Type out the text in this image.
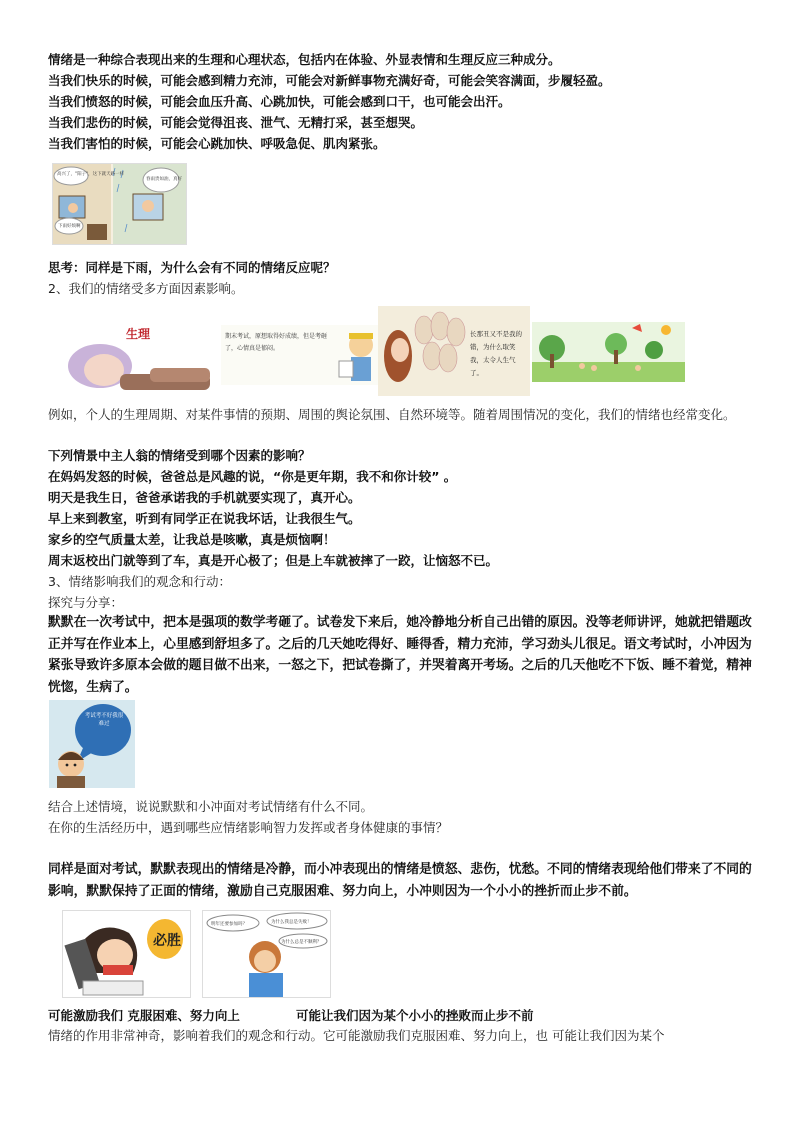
情绪是一种综合表现出来的生理和心理状态，包括内在体验、外显表情和生理反应三种成分。
当我们快乐的时候，可能会感到精力充沛，可能会对新鲜事物充满好奇，可能会笑容满面，步履轻盈。
当我们愤怒的时候，可能会血压升高、心跳加快，可能会感到口干，也可能会出汗。
当我们悲伤的时候，可能会觉得沮丧、泄气、无精打采，甚至想哭。
当我们害怕的时候，可能会心跳加快、呼吸急促、肌肉紧张。
高兴了，"阳子"，这下就天路一样
下雨好烦啊
春雨贵如油，真好
思考：同样是下雨，为什么会有不同的情绪反应呢？
2、我们的情绪受多方面因素影响。
生理	期末考试，原想取得好成绩，但是考砸了，心情真是郁闷。
长那丑又不是我的错，为什么取笑我，太令人生气了。
例如，个人的生理周期、对某件事情的预期、周围的舆论氛围、自然环境等。随着周围情况的变化，我们的情绪也经常变化。
下列情景中主人翁的情绪受到哪个因素的影响？
在妈妈发怒的时候，爸爸总是风趣的说，“你是更年期，我不和你计较” 。
明天是我生日，爸爸承诺我的手机就要实现了，真开心。
早上来到教室，听到有同学正在说我坏话，让我很生气。
家乡的空气质量太差，让我总是咳嗽，真是烦恼啊！
周末返校出门就等到了车，真是开心极了；但是上车就被摔了一跤，让恼怒不已。
3、情绪影响我们的观念和行动：
探究与分享：
默默在一次考试中，把本是强项的数学考砸了。试卷发下来后，她冷静地分析自己出错的原因。没等老师讲评，她就把错题改正并写在作业本上，心里感到舒坦多了。之后的几天她吃得好、睡得香，精力充沛，学习劲头儿很足。语文考试时，小冲因为紧张导致许多原本会做的题目做不出来，一怒之下，把试卷撕了，并哭着离开考场。之后的几天他吃不下饭、睡不着觉，精神恍惚，生病了。
考试考不好我很难过
结合上述情境，说说默默和小冲面对考试情绪有什么不同。
在你的生活经历中，遇到哪些应情绪影响智力发挥或者身体健康的事情？
同样是面对考试，默默表现出的情绪是冷静，而小冲表现出的情绪是愤怒、悲伤，忧愁。不同的情绪表现给他们带来了不同的影响，默默保持了正面的情绪，激励自己克服困难、努力向上，小冲则因为一个小小的挫折而止步不前。
必胜
明年还要参加吗？	为什么我总是失败！
为什么总是不顺利？
可能激励我们 克服困难、努力向上	可能让我们因为某个小小的挫败而止步不前
情绪的作用非常神奇，影响着我们的观念和行动。它可能激励我们克服困难、努力向上，也 可能让我们因为某个
